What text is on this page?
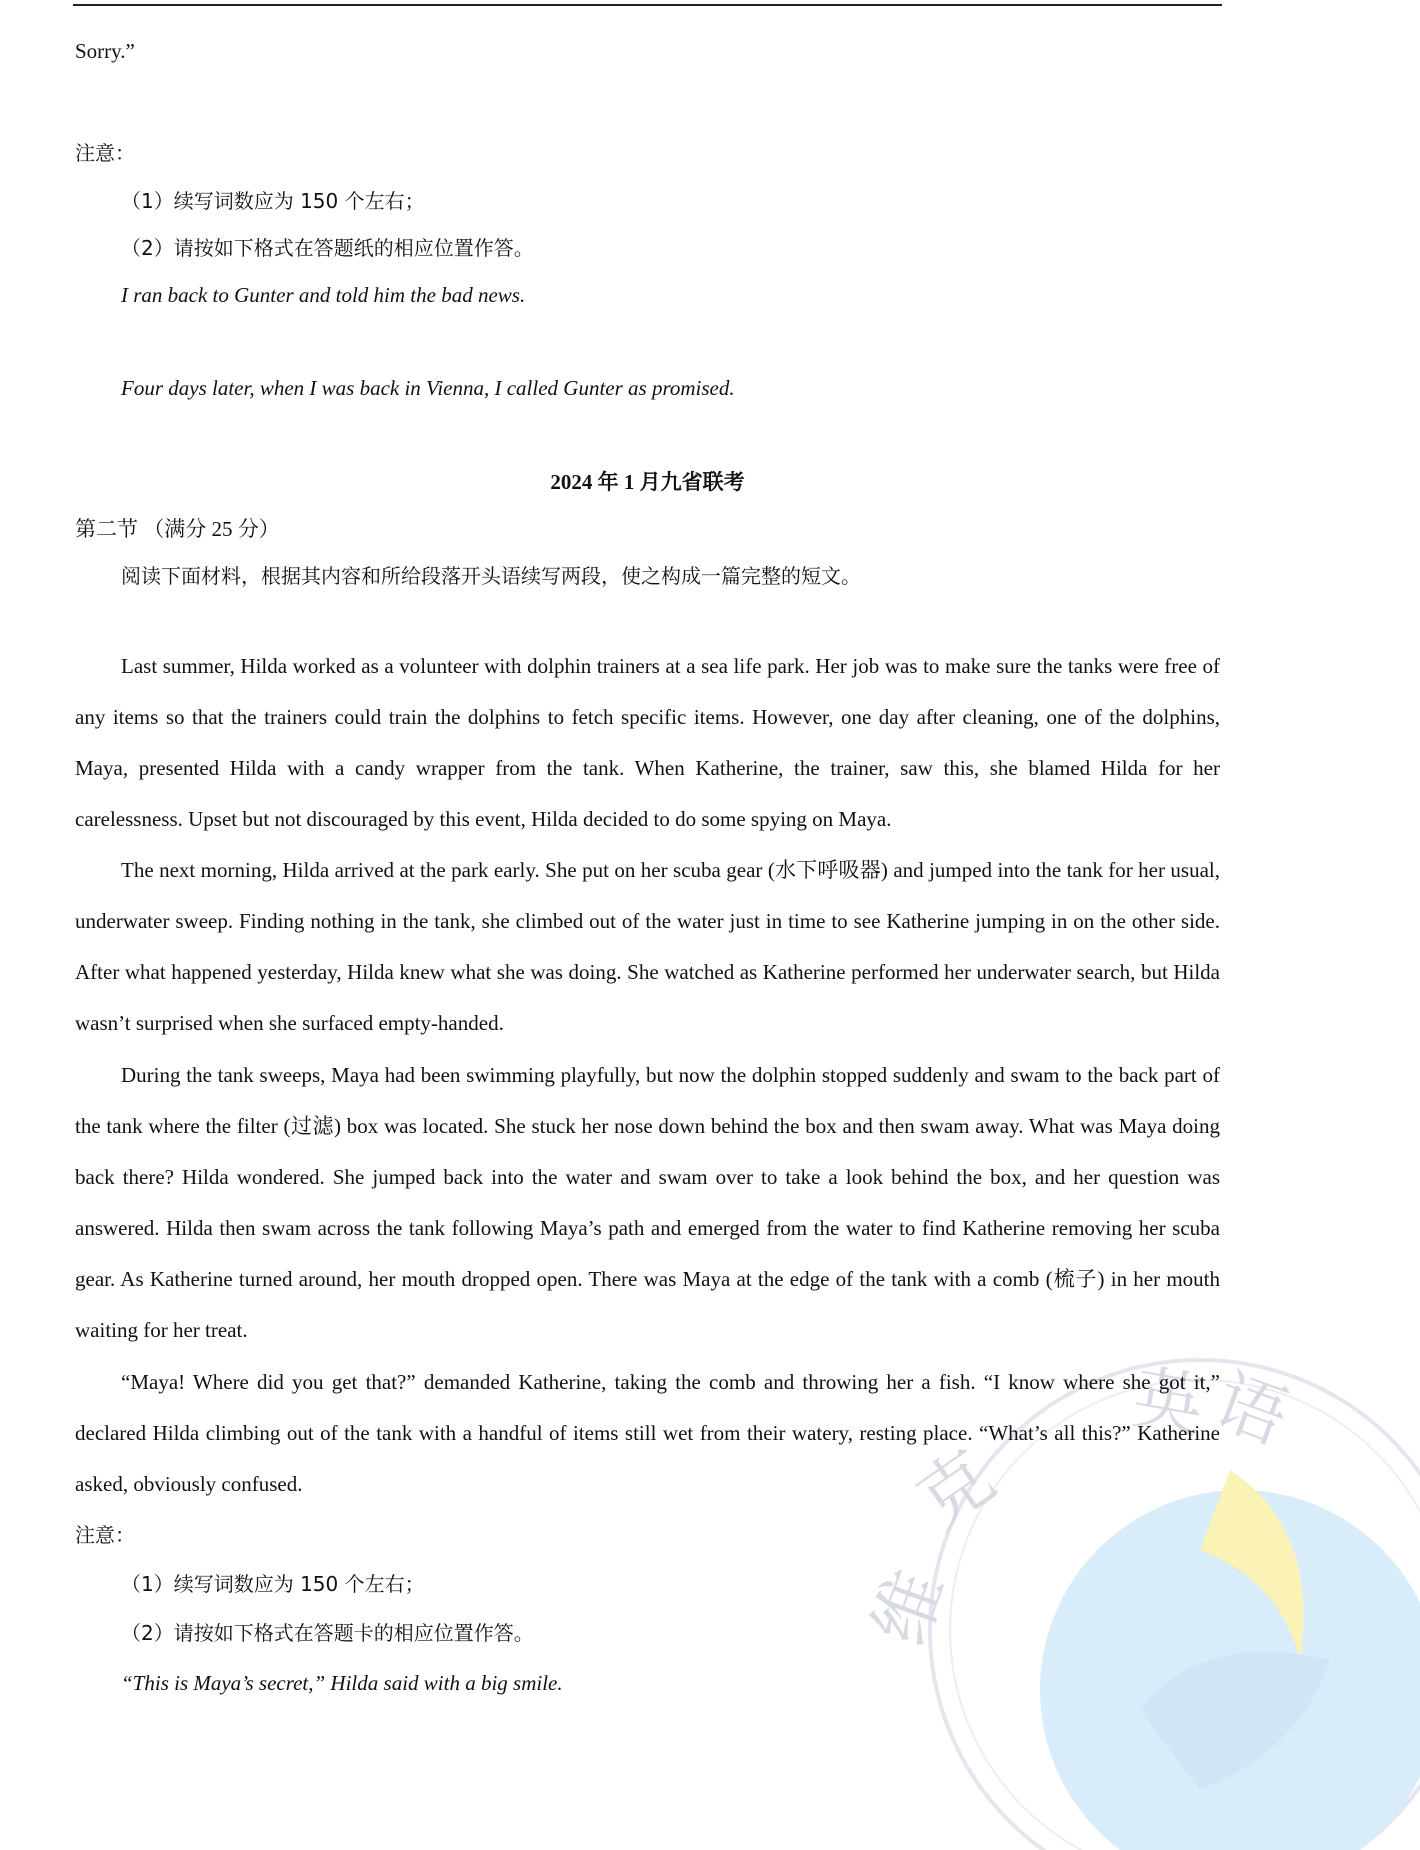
英
语
克
维
Sorry.”
注意：
（1）续写词数应为 150 个左右；
（2）请按如下格式在答题纸的相应位置作答。
I ran back to Gunter and told him the bad news.
Four days later, when I was back in Vienna, I called Gunter as promised.
2024 年 1 月九省联考
第二节 （满分 25 分）
阅读下面材料，根据其内容和所给段落开头语续写两段，使之构成一篇完整的短文。
Last summer, Hilda worked as a volunteer with dolphin trainers at a sea life park. Her job was to make sure the tanks were free of any items so that the trainers could train the dolphins to fetch specific items. However, one day after cleaning, one of the dolphins, Maya, presented Hilda with a candy wrapper from the tank. When Katherine, the trainer, saw this, she blamed Hilda for her carelessness. Upset but not discouraged by this event, Hilda decided to do some spying on Maya.
The next morning, Hilda arrived at the park early. She put on her scuba gear (水下呼吸器) and jumped into the tank for her usual, underwater sweep. Finding nothing in the tank, she climbed out of the water just in time to see Katherine jumping in on the other side. After what happened yesterday, Hilda knew what she was doing. She watched as Katherine performed her underwater search, but Hilda wasn’t surprised when she surfaced empty-handed.
During the tank sweeps, Maya had been swimming playfully, but now the dolphin stopped suddenly and swam to the back part of the tank where the filter (过滤) box was located. She stuck her nose down behind the box and then swam away. What was Maya doing back there? Hilda wondered. She jumped back into the water and swam over to take a look behind the box, and her question was answered. Hilda then swam across the tank following Maya’s path and emerged from the water to find Katherine removing her scuba gear. As Katherine turned around, her mouth dropped open. There was Maya at the edge of the tank with a comb (梳子) in her mouth waiting for her treat.
“Maya! Where did you get that?” demanded Katherine, taking the comb and throwing her a fish. “I know where she got it,” declared Hilda climbing out of the tank with a handful of items still wet from their watery, resting place. “What’s all this?” Katherine asked, obviously confused.
注意：
（1）续写词数应为 150 个左右；
（2）请按如下格式在答题卡的相应位置作答。
“This is Maya’s secret,” Hilda said with a big smile.
